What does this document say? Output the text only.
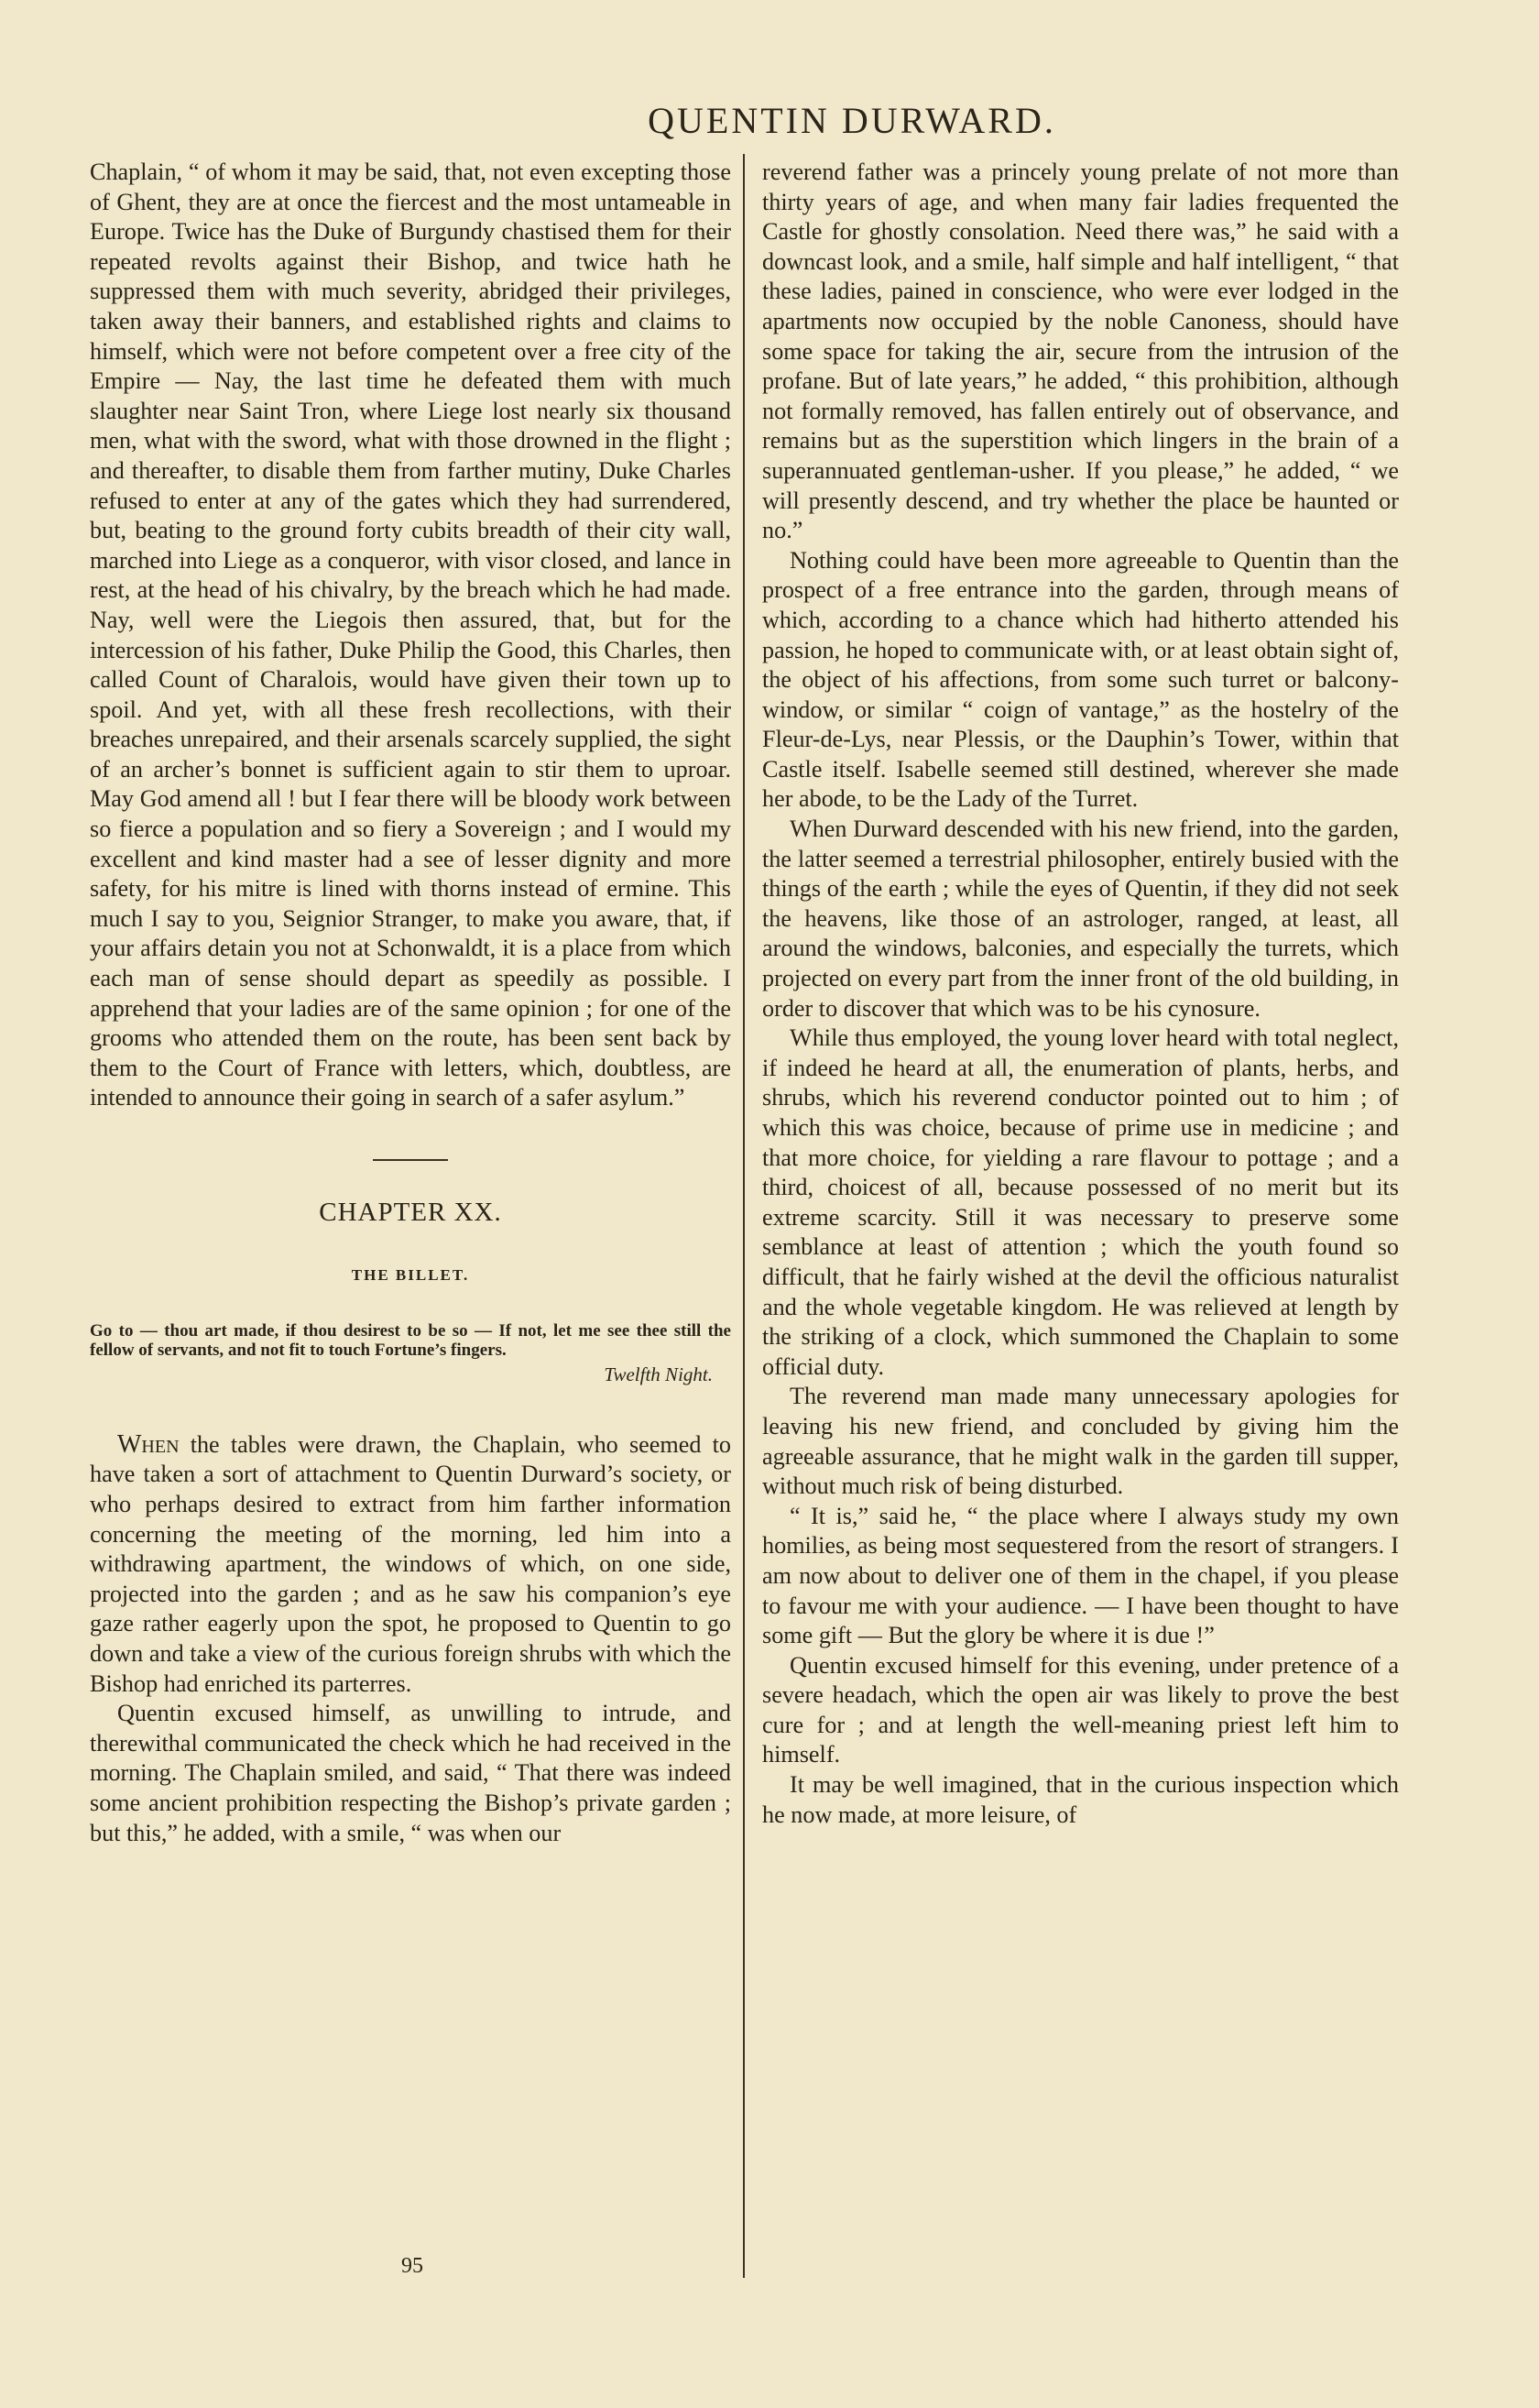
QUENTIN DURWARD.

Chaplain, “ of whom it may be said, that, not even excepting those of Ghent, they are at once the fiercest and the most untameable in Europe. Twice has the Duke of Burgundy chastised them for their repeated revolts against their Bishop, and twice hath he suppressed them with much severity, abridged their privileges, taken away their banners, and established rights and claims to himself, which were not before competent over a free city of the Empire — Nay, the last time he defeated them with much slaughter near Saint Tron, where Liege lost nearly six thousand men, what with the sword, what with those drowned in the flight ; and thereafter, to disable them from farther mutiny, Duke Charles refused to enter at any of the gates which they had surrendered, but, beating to the ground forty cubits breadth of their city wall, marched into Liege as a conqueror, with visor closed, and lance in rest, at the head of his chivalry, by the breach which he had made. Nay, well were the Liegois then assured, that, but for the intercession of his father, Duke Philip the Good, this Charles, then called Count of Charalois, would have given their town up to spoil. And yet, with all these fresh recollections, with their breaches unrepaired, and their arsenals scarcely supplied, the sight of an archer’s bonnet is sufficient again to stir them to uproar. May God amend all ! but I fear there will be bloody work between so fierce a population and so fiery a Sovereign ; and I would my excellent and kind master had a see of lesser dignity and more safety, for his mitre is lined with thorns instead of ermine. This much I say to you, Seignior Stranger, to make you aware, that, if your affairs detain you not at Schonwaldt, it is a place from which each man of sense should depart as speedily as possible. I apprehend that your ladies are of the same opinion ; for one of the grooms who attended them on the route, has been sent back by them to the Court of France with letters, which, doubtless, are intended to announce their going in search of a safer asylum.”

CHAPTER XX.
THE BILLET.

Go to — thou art made, if thou desirest to be so — If not, let me see thee still the fellow of servants, and not fit to touch Fortune’s fingers.

Twelfth Night.

When the tables were drawn, the Chaplain, who seemed to have taken a sort of attachment to Quentin Durward’s society, or who perhaps desired to extract from him farther information concerning the meeting of the morning, led him into a withdrawing apartment, the windows of which, on one side, projected into the garden ; and as he saw his companion’s eye gaze rather eagerly upon the spot, he proposed to Quentin to go down and take a view of the curious foreign shrubs with which the Bishop had enriched its parterres.

Quentin excused himself, as unwilling to intrude, and therewithal communicated the check which he had received in the morning. The Chaplain smiled, and said, “ That there was indeed some ancient prohibition respecting the Bishop’s private garden ; but this,” he added, with a smile, “ was when our

reverend father was a princely young prelate of not more than thirty years of age, and when many fair ladies frequented the Castle for ghostly consolation. Need there was,” he said with a downcast look, and a smile, half simple and half intelligent, “ that these ladies, pained in conscience, who were ever lodged in the apartments now occupied by the noble Canoness, should have some space for taking the air, secure from the intrusion of the profane. But of late years,” he added, “ this prohibition, although not formally removed, has fallen entirely out of observance, and remains but as the superstition which lingers in the brain of a superannuated gentleman-usher. If you please,” he added, “ we will presently descend, and try whether the place be haunted or no.”

Nothing could have been more agreeable to Quentin than the prospect of a free entrance into the garden, through means of which, according to a chance which had hitherto attended his passion, he hoped to communicate with, or at least obtain sight of, the object of his affections, from some such turret or balcony-window, or similar “ coign of vantage,” as the hostelry of the Fleur-de-Lys, near Plessis, or the Dauphin’s Tower, within that Castle itself. Isabelle seemed still destined, wherever she made her abode, to be the Lady of the Turret.

When Durward descended with his new friend, into the garden, the latter seemed a terrestrial philosopher, entirely busied with the things of the earth ; while the eyes of Quentin, if they did not seek the heavens, like those of an astrologer, ranged, at least, all around the windows, balconies, and especially the turrets, which projected on every part from the inner front of the old building, in order to discover that which was to be his cynosure.

While thus employed, the young lover heard with total neglect, if indeed he heard at all, the enumeration of plants, herbs, and shrubs, which his reverend conductor pointed out to him ; of which this was choice, because of prime use in medicine ; and that more choice, for yielding a rare flavour to pottage ; and a third, choicest of all, because possessed of no merit but its extreme scarcity. Still it was necessary to preserve some semblance at least of attention ; which the youth found so difficult, that he fairly wished at the devil the officious naturalist and the whole vegetable kingdom. He was relieved at length by the striking of a clock, which summoned the Chaplain to some official duty.

The reverend man made many unnecessary apologies for leaving his new friend, and concluded by giving him the agreeable assurance, that he might walk in the garden till supper, without much risk of being disturbed.

“ It is,” said he, “ the place where I always study my own homilies, as being most sequestered from the resort of strangers. I am now about to deliver one of them in the chapel, if you please to favour me with your audience. — I have been thought to have some gift — But the glory be where it is due !”

Quentin excused himself for this evening, under pretence of a severe headach, which the open air was likely to prove the best cure for ; and at length the well-meaning priest left him to himself.

It may be well imagined, that in the curious inspection which he now made, at more leisure, of

95
